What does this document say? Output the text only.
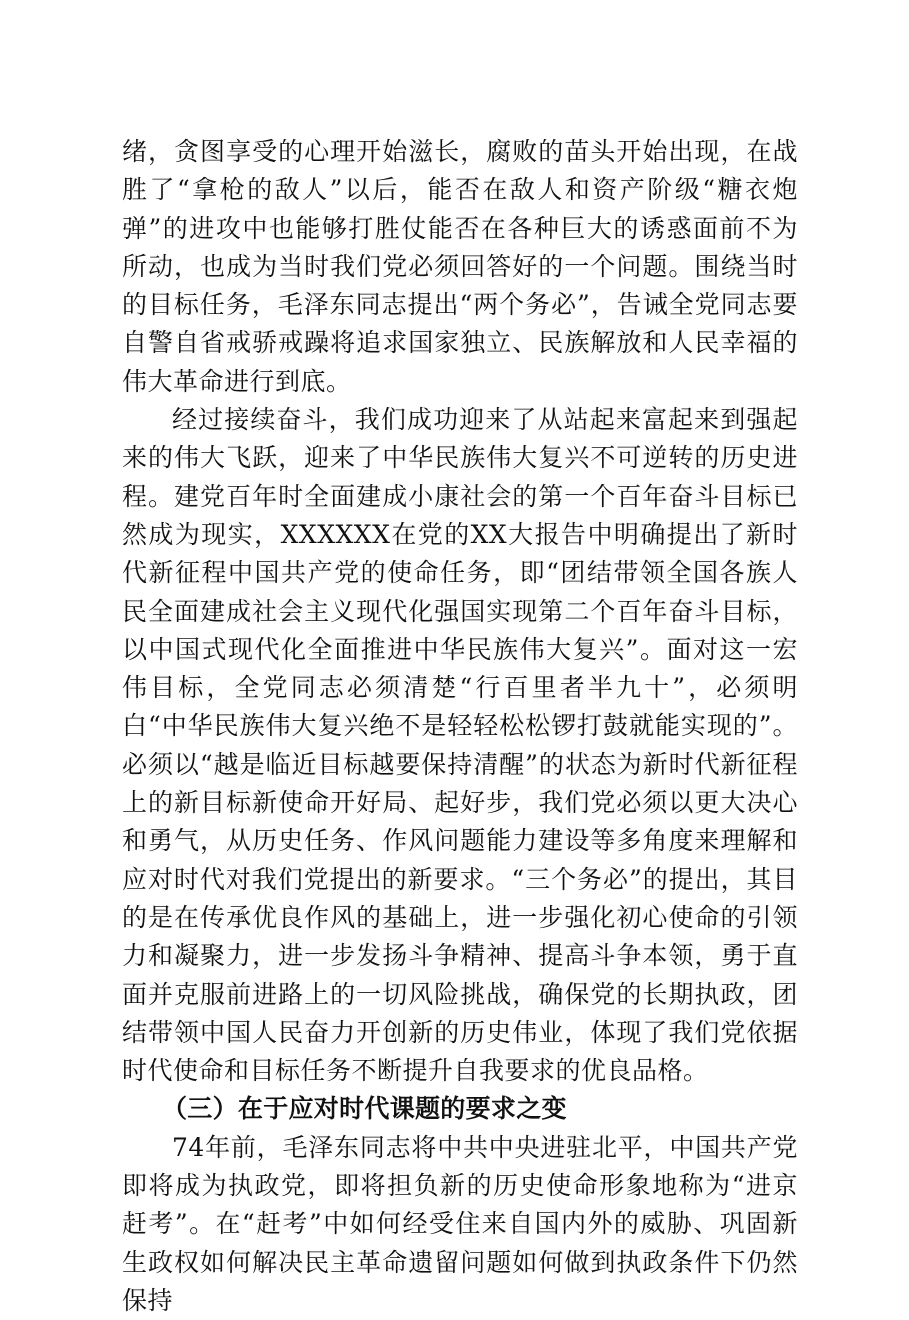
绪，贪图享受的心理开始滋长，腐败的苗头开始出现，在战胜了“拿枪的敌人”以后，能否在敌人和资产阶级“糖衣炮弹”的进攻中也能够打胜仗能否在各种巨大的诱惑面前不为所动，也成为当时我们党必须回答好的一个问题。围绕当时的目标任务，毛泽东同志提出“两个务必”，告诫全党同志要自警自省戒骄戒躁将追求国家独立、民族解放和人民幸福的伟大革命进行到底。

经过接续奋斗，我们成功迎来了从站起来富起来到强起来的伟大飞跃，迎来了中华民族伟大复兴不可逆转的历史进程。建党百年时全面建成小康社会的第一个百年奋斗目标已然成为现实，XXXXXX在党的XX大报告中明确提出了新时代新征程中国共产党的使命任务，即“团结带领全国各族人民全面建成社会主义现代化强国实现第二个百年奋斗目标，以中国式现代化全面推进中华民族伟大复兴”。面对这一宏伟目标，全党同志必须清楚“行百里者半九十”，必须明白“中华民族伟大复兴绝不是轻轻松松锣打鼓就能实现的”。必须以“越是临近目标越要保持清醒”的状态为新时代新征程上的新目标新使命开好局、起好步，我们党必须以更大决心和勇气，从历史任务、作风问题能力建设等多角度来理解和应对时代对我们党提出的新要求。“三个务必”的提出，其目的是在传承优良作风的基础上，进一步强化初心使命的引领力和凝聚力，进一步发扬斗争精神、提高斗争本领，勇于直面并克服前进路上的一切风险挑战，确保党的长期执政，团结带领中国人民奋力开创新的历史伟业，体现了我们党依据时代使命和目标任务不断提升自我要求的优良品格。

（三）在于应对时代课题的要求之变

74年前，毛泽东同志将中共中央进驻北平，中国共产党即将成为执政党，即将担负新的历史使命形象地称为“进京赶考”。在“赶考”中如何经受住来自国内外的威胁、巩固新生政权如何解决民主革命遗留问题如何做到执政条件下仍然保持
